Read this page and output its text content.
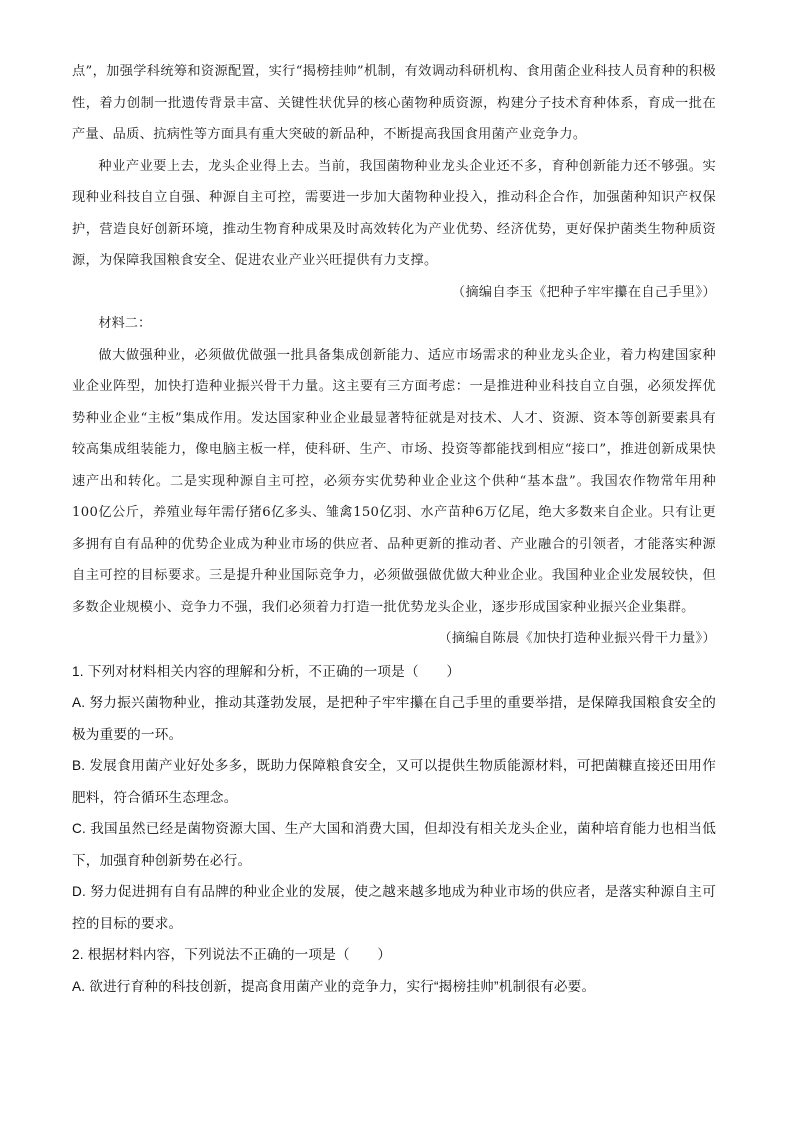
点”，加强学科统筹和资源配置，实行“揭榜挂帅”机制，有效调动科研机构、食用菌企业科技人员育种的积极性，着力创制一批遗传背景丰富、关键性状优异的核心菌物种质资源，构建分子技术育种体系，育成一批在产量、品质、抗病性等方面具有重大突破的新品种，不断提高我国食用菌产业竞争力。

种业产业要上去，龙头企业得上去。当前，我国菌物种业龙头企业还不多，育种创新能力还不够强。实现种业科技自立自强、种源自主可控，需要进一步加大菌物种业投入，推动科企合作，加强菌种知识产权保护，营造良好创新环境，推动生物育种成果及时高效转化为产业优势、经济优势，更好保护菌类生物种质资源，为保障我国粮食安全、促进农业产业兴旺提供有力支撑。

（摘编自李玉《把种子牢牢攥在自己手里》）

材料二：

做大做强种业，必须做优做强一批具备集成创新能力、适应市场需求的种业龙头企业，着力构建国家种业企业阵型，加快打造种业振兴骨干力量。这主要有三方面考虑：一是推进种业科技自立自强，必须发挥优势种业企业“主板”集成作用。发达国家种业企业最显著特征就是对技术、人才、资源、资本等创新要素具有较高集成组装能力，像电脑主板一样，使科研、生产、市场、投资等都能找到相应“接口”，推进创新成果快速产出和转化。二是实现种源自主可控，必须夯实优势种业企业这个供种“基本盘”。我国农作物常年用种100亿公斤，养殖业每年需仔猪6亿多头、雏禽150亿羽、水产苗种6万亿尾，绝大多数来自企业。只有让更多拥有自有品种的优势企业成为种业市场的供应者、品种更新的推动者、产业融合的引领者，才能落实种源自主可控的目标要求。三是提升种业国际竞争力，必须做强做优做大种业企业。我国种业企业发展较快，但多数企业规模小、竞争力不强，我们必须着力打造一批优势龙头企业，逐步形成国家种业振兴企业集群。

（摘编自陈晨《加快打造种业振兴骨干力量》）

1. 下列对材料相关内容的理解和分析，不正确的一项是（　　）

A. 努力振兴菌物种业，推动其蓬勃发展，是把种子牢牢攥在自己手里的重要举措，是保障我国粮食安全的极为重要的一环。

B. 发展食用菌产业好处多多，既助力保障粮食安全，又可以提供生物质能源材料，可把菌糠直接还田用作肥料，符合循环生态理念。

C. 我国虽然已经是菌物资源大国、生产大国和消费大国，但却没有相关龙头企业，菌种培育能力也相当低下，加强育种创新势在必行。

D. 努力促进拥有自有品牌的种业企业的发展，使之越来越多地成为种业市场的供应者，是落实种源自主可控的目标的要求。

2. 根据材料内容，下列说法不正确的一项是（　　）

A. 欲进行育种的科技创新，提高食用菌产业的竞争力，实行“揭榜挂帅”机制很有必要。
